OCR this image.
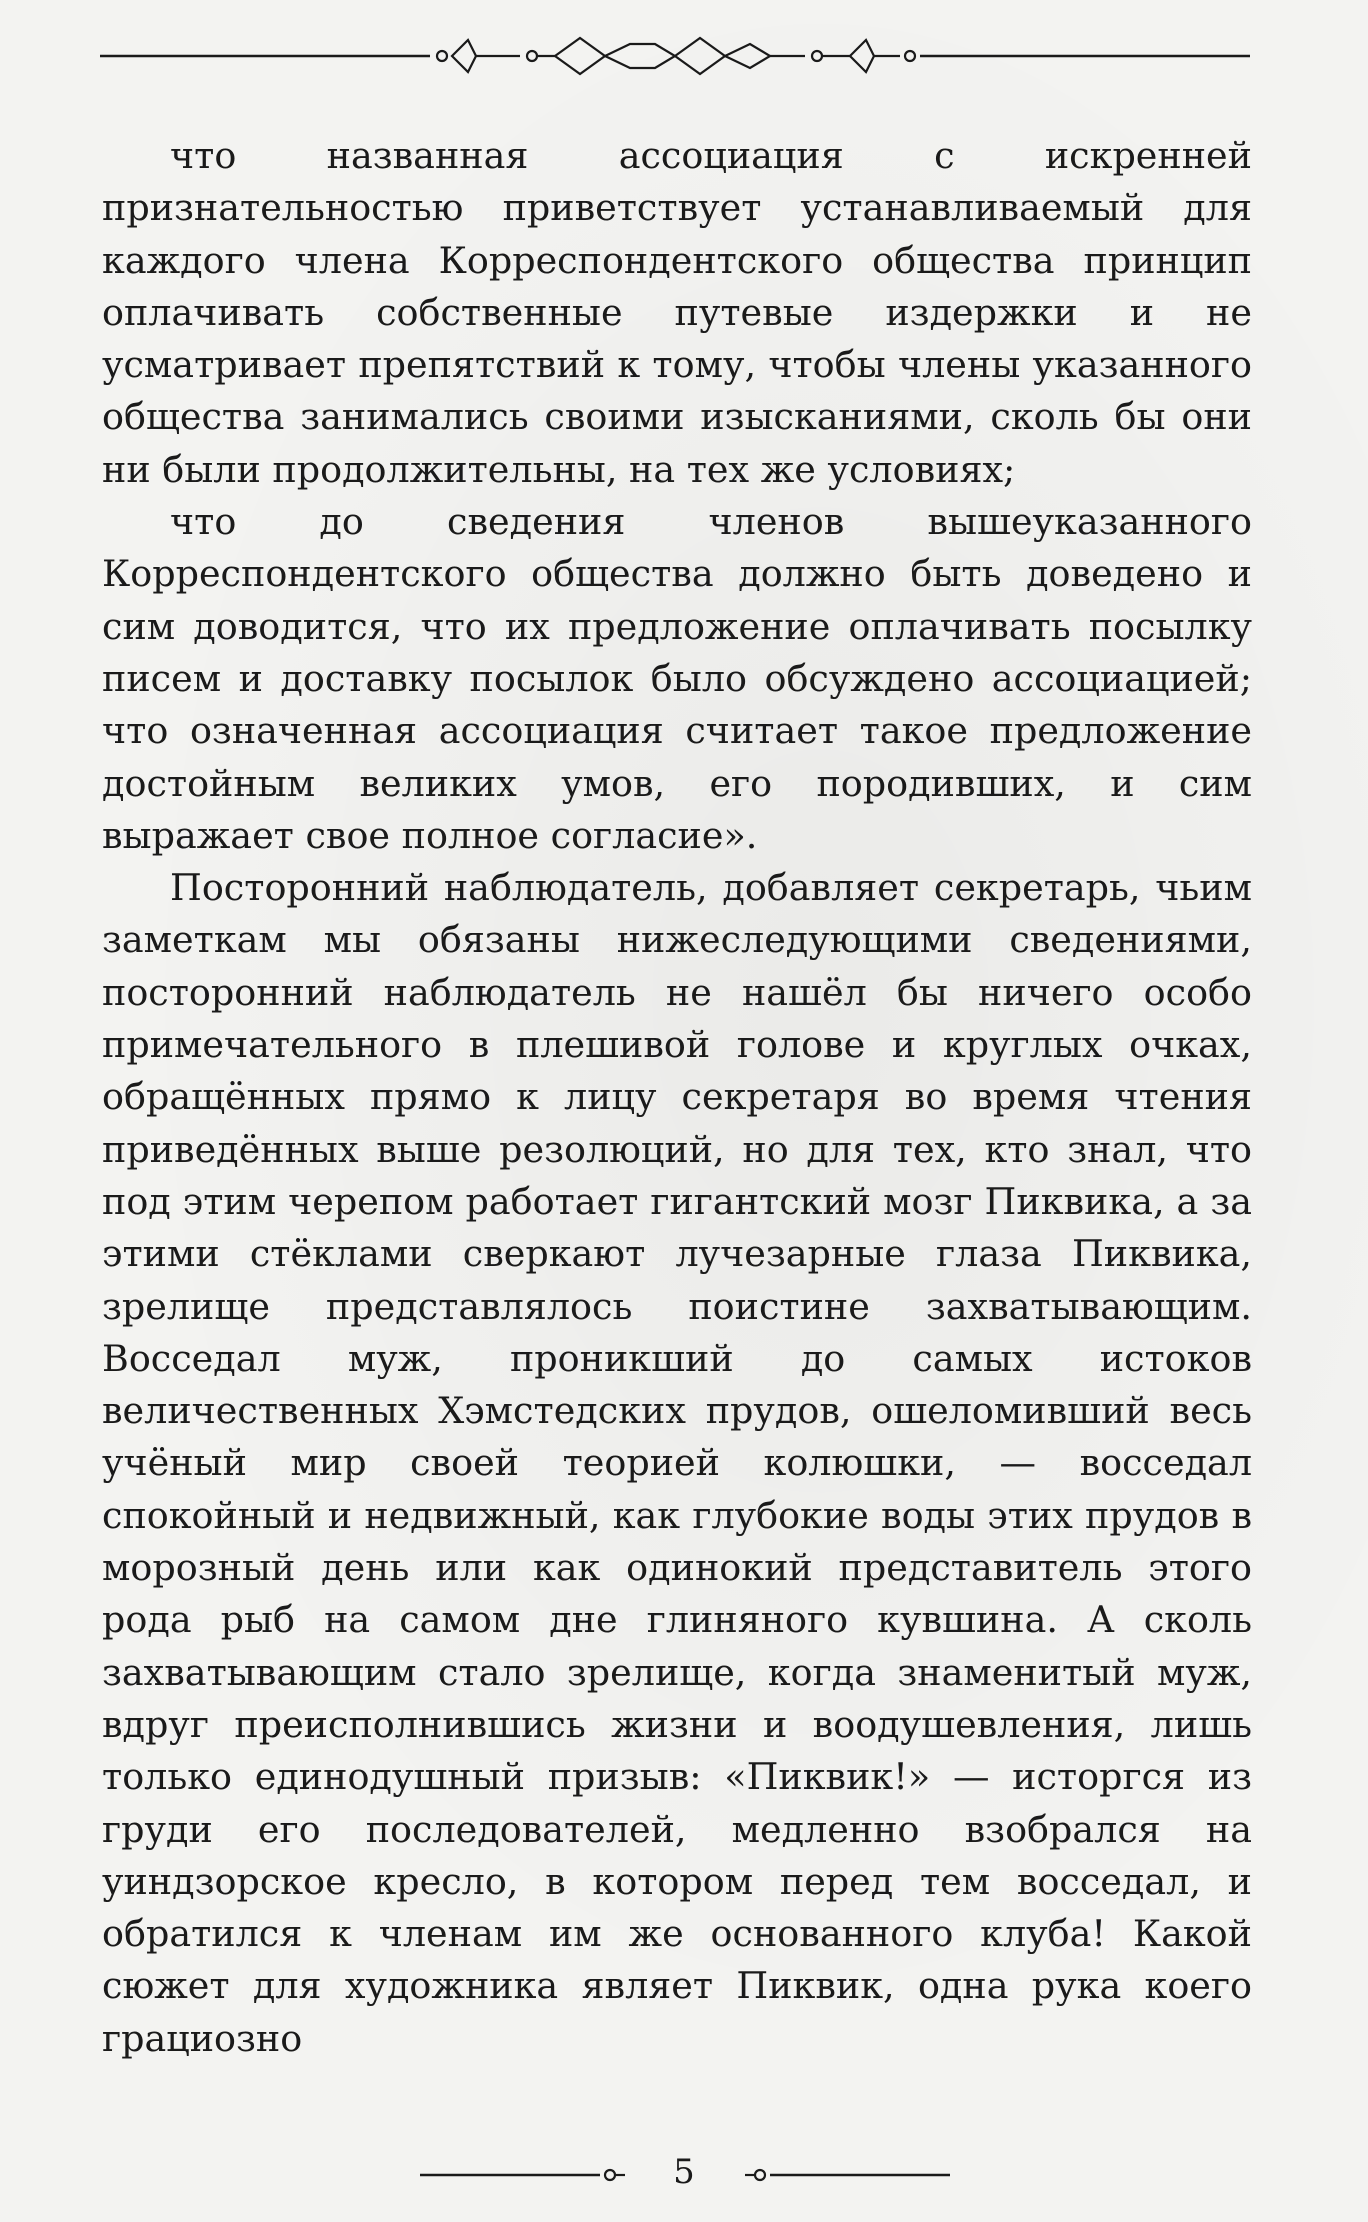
что названная ассоциация с искренней признательностью приветствует устанавливаемый для каждого члена Корреспондентского общества принцип оплачивать собственные путевые издержки и не усматривает препятствий к тому, чтобы члены указанного общества занимались своими изысканиями, сколь бы они ни были продолжительны, на тех же условиях;

что до сведения членов вышеуказанного Корреспондентского общества должно быть доведено и сим доводится, что их предложение оплачивать посылку писем и доставку посылок было обсуждено ассоциацией; что означенная ассоциация считает такое предложение достойным великих умов, его породивших, и сим выражает свое полное согласие».

Посторонний наблюдатель, добавляет секретарь, чьим заметкам мы обязаны нижеследующими сведениями, посторонний наблюдатель не нашёл бы ничего особо примечательного в плешивой голове и круглых очках, обращённых прямо к лицу секретаря во время чтения приведённых выше резолюций, но для тех, кто знал, что под этим черепом работает гигантский мозг Пиквика, а за этими стёклами сверкают лучезарные глаза Пиквика, зрелище представлялось поистине захватывающим. Восседал муж, проникший до самых истоков величественных Хэмстедских прудов, ошеломивший весь учёный мир своей теорией колюшки, — восседал спокойный и недвижный, как глубокие воды этих прудов в морозный день или как одинокий представитель этого рода рыб на самом дне глиняного кувшина. А сколь захватывающим стало зрелище, когда знаменитый муж, вдруг преисполнившись жизни и воодушевления, лишь только единодушный призыв: «Пиквик!» — исторгся из груди его последователей, медленно взобрался на уиндзорское кресло, в котором перед тем восседал, и обратился к членам им же основанного клуба! Какой сюжет для художника являет Пиквик, одна рука коего грациозно

5
